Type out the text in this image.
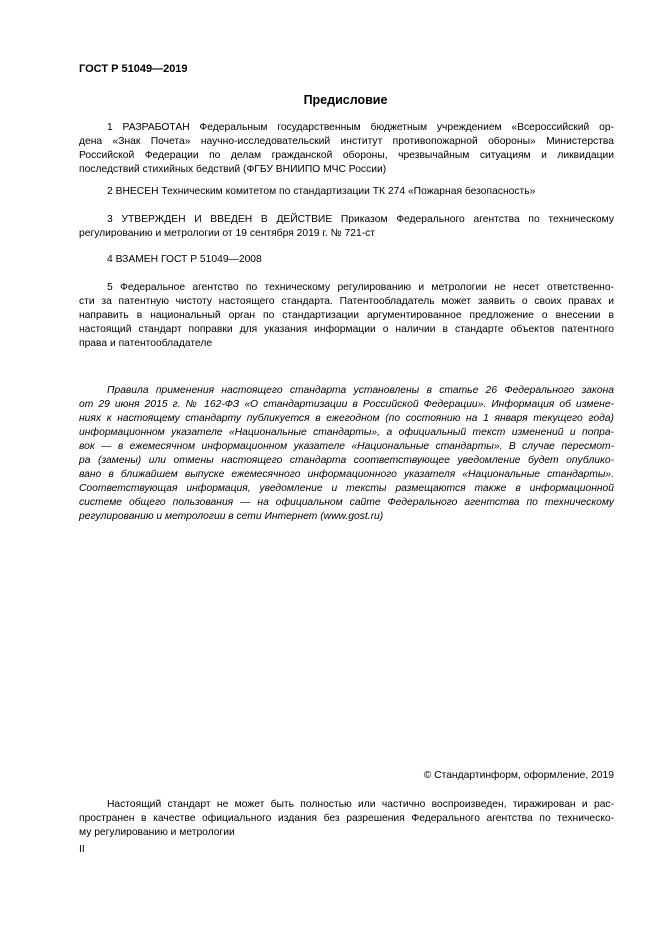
ГОСТ Р 51049—2019
Предисловие
1 РАЗРАБОТАН Федеральным государственным бюджетным учреждением «Всероссийский ор-
дена «Знак Почета» научно-исследовательский институт противопожарной обороны» Министерства
Российской Федерации по делам гражданской обороны, чрезвычайным ситуациям и ликвидации
последствий стихийных бедствий (ФГБУ ВНИИПО МЧС России)
2 ВНЕСЕН Техническим комитетом по стандартизации ТК 274 «Пожарная безопасность»
3 УТВЕРЖДЕН И ВВЕДЕН В ДЕЙСТВИЕ Приказом Федерального агентства по техническому
регулированию и метрологии от 19 сентября 2019 г. № 721-ст
4 ВЗАМЕН ГОСТ Р 51049—2008
5 Федеральное агентство по техническому регулированию и метрологии не несет ответственно-
сти за патентную чистоту настоящего стандарта. Патентообладатель может заявить о своих правах и
направить в национальный орган по стандартизации аргументированное предложение о внесении в
настоящий стандарт поправки для указания информации о наличии в стандарте объектов патентного
права и патентообладателе
Правила применения настоящего стандарта установлены в статье 26 Федерального закона
от 29 июня 2015 г. № 162-ФЗ «О стандартизации в Российской Федерации». Информация об измене-
ниях к настоящему стандарту публикуется в ежегодном (по состоянию на 1 января текущего года)
информационном указателе «Национальные стандарты», а официальный текст изменений и попра-
вок — в ежемесячном информационном указателе «Национальные стандарты». В случае пересмот-
ра (замены) или отмены настоящего стандарта соответствующее уведомление будет опублико-
вано в ближайшем выпуске ежемесячного информационного указателя «Национальные стандарты».
Соответствующая информация, уведомление и тексты размещаются также в информационной
системе общего пользования — на официальном сайте Федерального агентства по техническому
регулированию и метрологии в сети Интернет (www.gost.ru)
© Стандартинформ, оформление, 2019
Настоящий стандарт не может быть полностью или частично воспроизведен, тиражирован и рас-
пространен в качестве официального издания без разрешения Федерального агентства по техническо-
му регулированию и метрологии
II
